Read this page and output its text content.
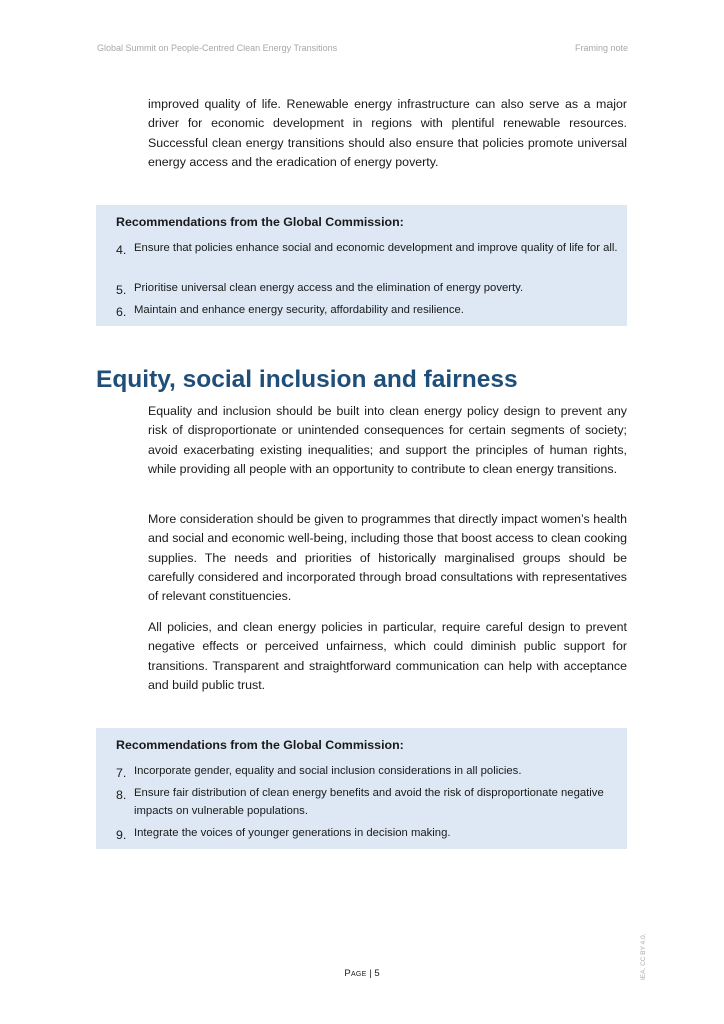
Global Summit on People-Centred Clean Energy Transitions	Framing note
improved quality of life. Renewable energy infrastructure can also serve as a major driver for economic development in regions with plentiful renewable resources. Successful clean energy transitions should also ensure that policies promote universal energy access and the eradication of energy poverty.
Recommendations from the Global Commission:
4. Ensure that policies enhance social and economic development and improve quality of life for all.
5. Prioritise universal clean energy access and the elimination of energy poverty.
6. Maintain and enhance energy security, affordability and resilience.
Equity, social inclusion and fairness
Equality and inclusion should be built into clean energy policy design to prevent any risk of disproportionate or unintended consequences for certain segments of society; avoid exacerbating existing inequalities; and support the principles of human rights, while providing all people with an opportunity to contribute to clean energy transitions.
More consideration should be given to programmes that directly impact women’s health and social and economic well-being, including those that boost access to clean cooking supplies. The needs and priorities of historically marginalised groups should be carefully considered and incorporated through broad consultations with representatives of relevant constituencies.
All policies, and clean energy policies in particular, require careful design to prevent negative effects or perceived unfairness, which could diminish public support for transitions. Transparent and straightforward communication can help with acceptance and build public trust.
Recommendations from the Global Commission:
7. Incorporate gender, equality and social inclusion considerations in all policies.
8. Ensure fair distribution of clean energy benefits and avoid the risk of disproportionate negative impacts on vulnerable populations.
9. Integrate the voices of younger generations in decision making.
Page | 5	IEA. CC BY 4.0.
